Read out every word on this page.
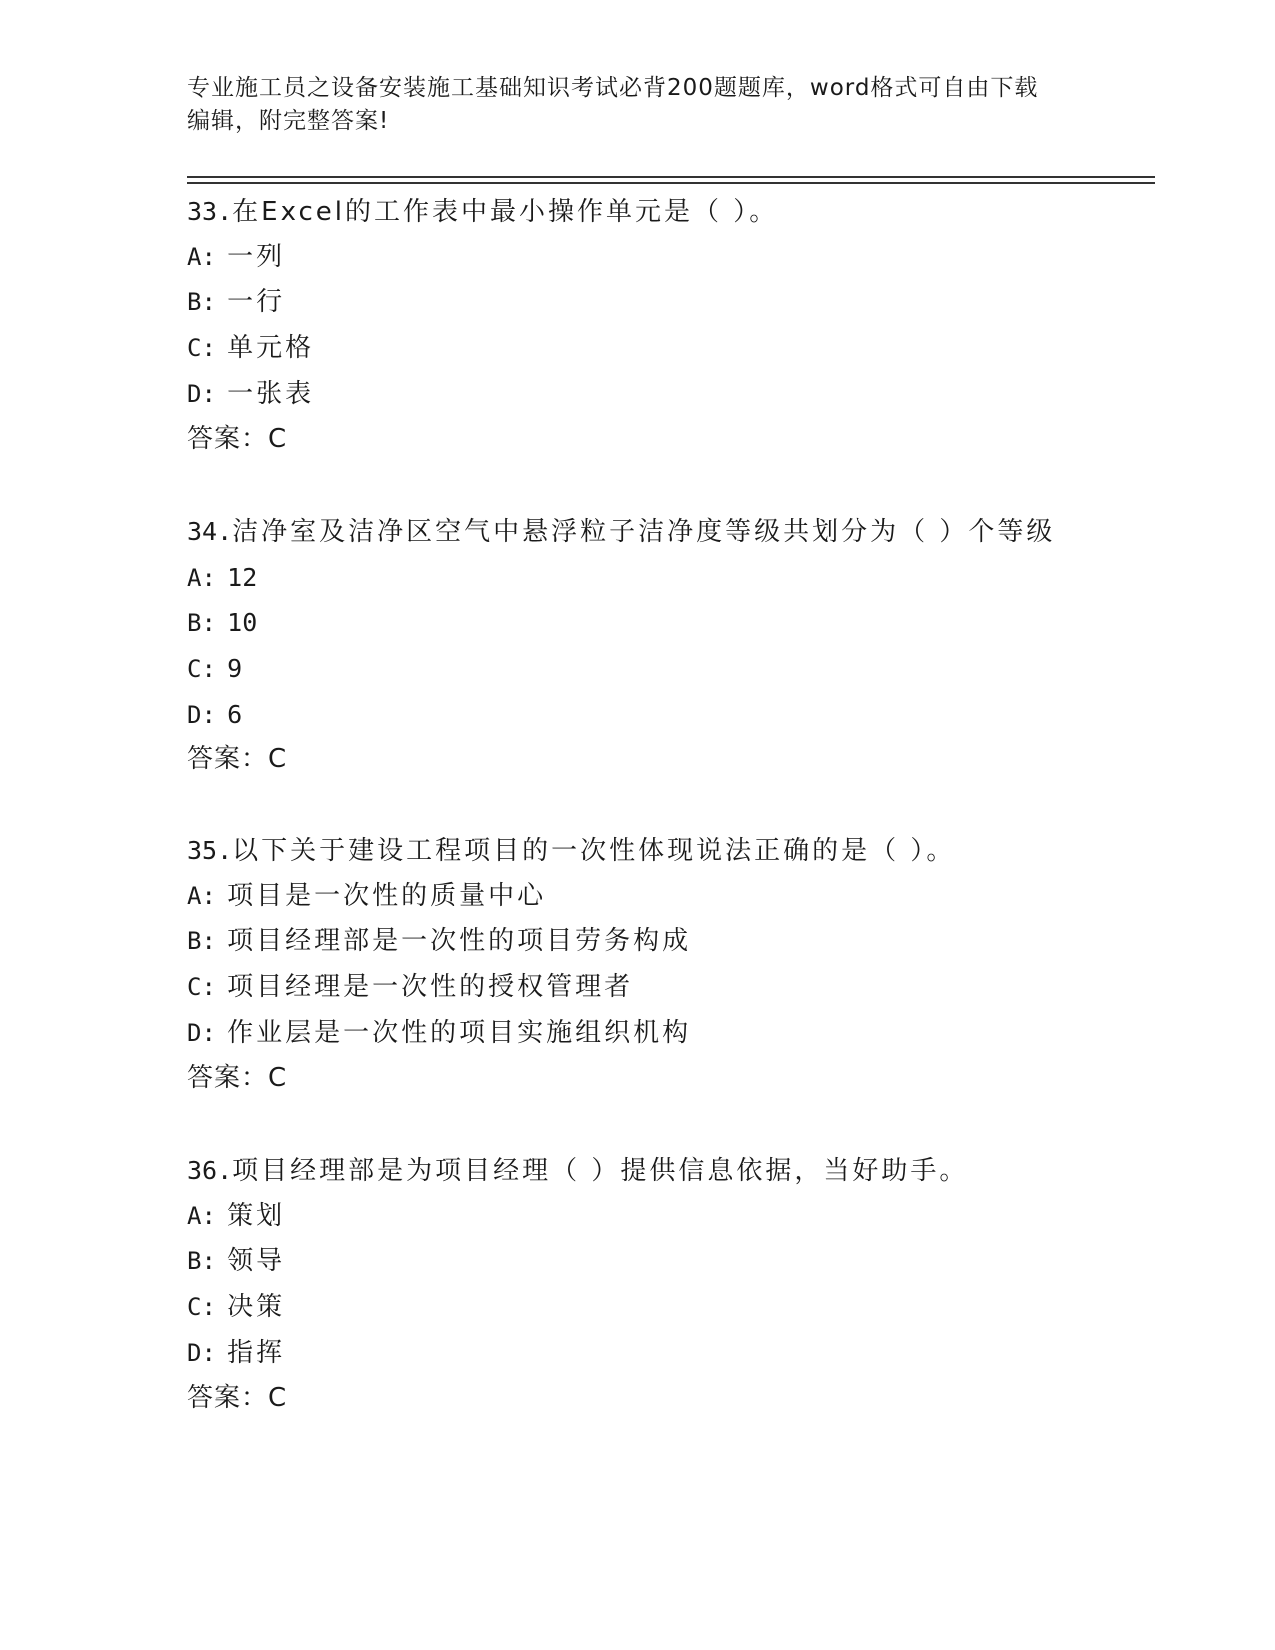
专业施工员之设备安装施工基础知识考试必背200题题库，word格式可自由下载
编辑，附完整答案!
33.在Excel的工作表中最小操作单元是（ ）。
A: 一列
B: 一行
C: 单元格
D: 一张表
答案：C
34.洁净室及洁净区空气中悬浮粒子洁净度等级共划分为（ ）个等级
A: 12
B: 10
C: 9
D: 6
答案：C
35.以下关于建设工程项目的一次性体现说法正确的是（ ）。
A: 项目是一次性的质量中心
B: 项目经理部是一次性的项目劳务构成
C: 项目经理是一次性的授权管理者
D: 作业层是一次性的项目实施组织机构
答案：C
36.项目经理部是为项目经理（ ）提供信息依据，当好助手。
A: 策划
B: 领导
C: 决策
D: 指挥
答案：C
